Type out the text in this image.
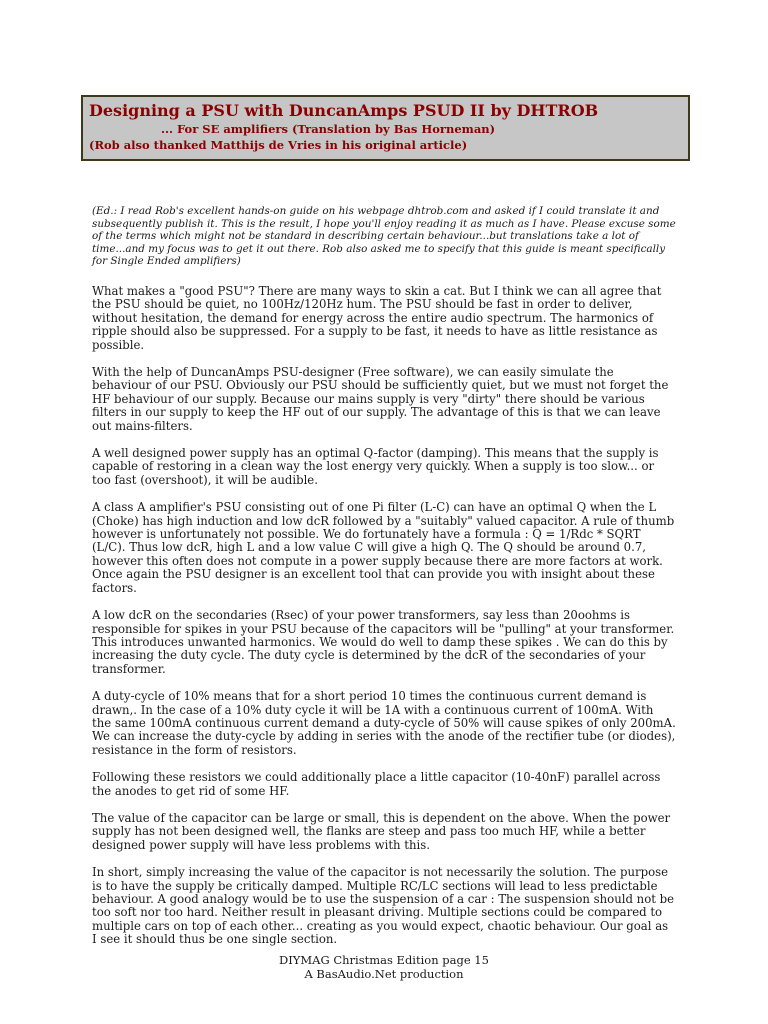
Designing a PSU with DuncanAmps PSUD II by DHTROB
... For SE amplifiers (Translation by Bas Horneman)
(Rob also thanked Matthijs de Vries in his original article)

(Ed.: I read Rob's excellent hands-on guide on his webpage dhtrob.com and asked if I could translate it and subsequently publish it. This is the result, I hope you'll enjoy reading it as much as I have. Please excuse some of the terms which might not be standard in describing certain behaviour...but translations take a lot of time...and my focus was to get it out there. Rob also asked me to specify that this guide is meant specifically for Single Ended amplifiers)

What makes a "good PSU"? There are many ways to skin a cat. But I think we can all agree that the PSU should be quiet, no 100Hz/120Hz hum. The PSU should be fast in order to deliver, without hesitation, the demand for energy across the entire audio spectrum. The harmonics of ripple should also be suppressed. For a supply to be fast, it needs to have as little resistance as possible.

With the help of DuncanAmps PSU-designer (Free software), we can easily simulate the behaviour of our PSU. Obviously our PSU should be sufficiently quiet, but we must not forget the HF behaviour of our supply. Because our mains supply is very "dirty" there should be various filters in our supply to keep the HF out of our supply. The advantage of this is that we can leave out mains-filters.

A well designed power supply has an optimal Q-factor (damping). This means that the supply is capable of restoring in a clean way the lost energy very quickly. When a supply is too slow... or too fast (overshoot), it will be audible.

A class A amplifier's PSU consisting out of one Pi filter (L-C) can have an optimal Q when the L (Choke) has high induction and low dcR followed by a "suitably" valued capacitor. A rule of thumb however is unfortunately not possible. We do fortunately have a formula : Q = 1/Rdc * SQRT (L/C). Thus low dcR, high L and a low value C will give a high Q. The Q should be around 0.7, however this often does not compute in a power supply because there are more factors at work. Once again the PSU designer is an excellent tool that can provide you with insight about these factors.

A low dcR on the secondaries (Rsec) of your power transformers, say less than 20oohms is responsible for spikes in your PSU because of the capacitors will be "pulling" at your transformer. This introduces unwanted harmonics. We would do well to damp these spikes . We can do this by increasing the duty cycle. The duty cycle is determined by the dcR of the secondaries of your transformer.

A duty-cycle of 10% means that for a short period 10 times the continuous current demand is drawn,. In the case of a 10% duty cycle it will be 1A with a continuous current of 100mA. With the same 100mA continuous current demand a duty-cycle of 50% will cause spikes of only 200mA. We can increase the duty-cycle by adding in series with the anode of the rectifier tube (or diodes), resistance in the form of resistors.

Following these resistors we could additionally place a little capacitor (10-40nF) parallel across the anodes to get rid of some HF.

The value of the capacitor can be large or small, this is dependent on the above. When the power supply has not been designed well, the flanks are steep and pass too much HF, while a better designed power supply will have less problems with this.

In short, simply increasing the value of the capacitor is not necessarily the solution. The purpose is to have the supply be critically damped. Multiple RC/LC sections will lead to less predictable behaviour. A good analogy would be to use the suspension of a car : The suspension should not be too soft nor too hard. Neither result in pleasant driving. Multiple sections could be compared to multiple cars on top of each other... creating as you would expect, chaotic behaviour. Our goal as I see it should thus be one single section.

DIYMAG Christmas Edition page 15
A BasAudio.Net production
